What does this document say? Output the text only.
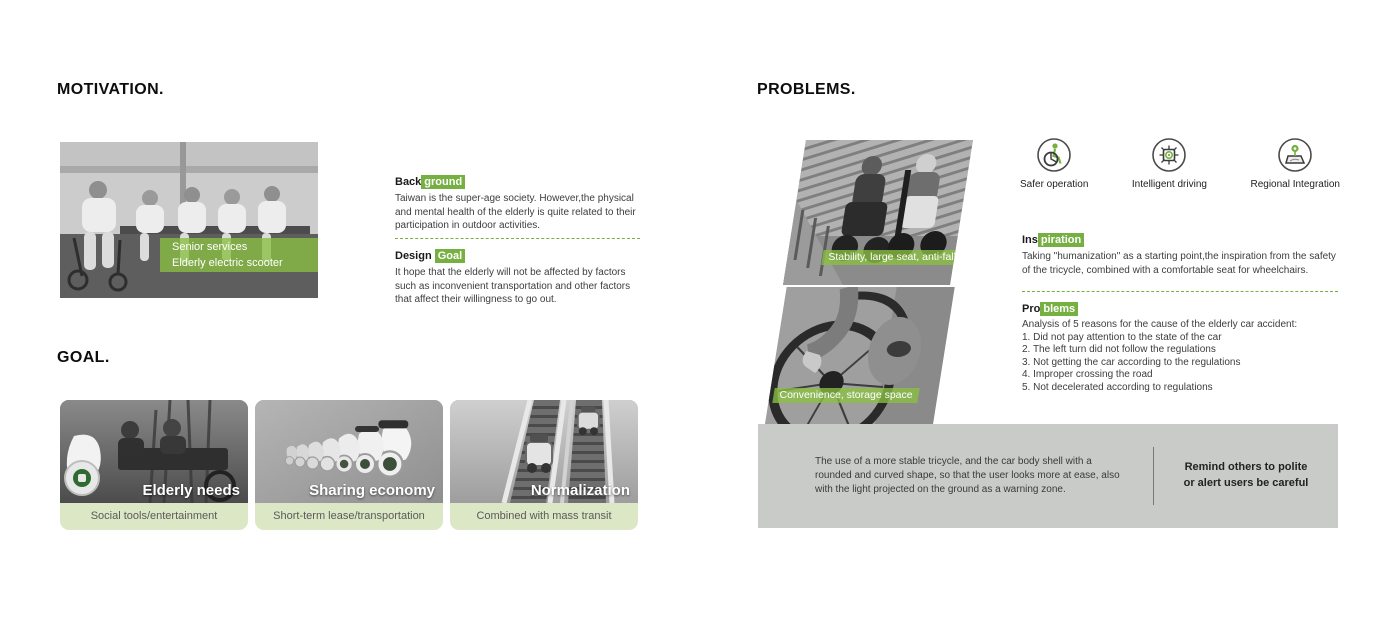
MOTIVATION.
Senior services
Elderly electric scooter
Back ground
Taiwan is the super-age society. However,the physical and mental health of the elderly is quite related to their participation in outdoor activities.
Design Goal
It hope that the elderly will not be affected by factors such as inconvenient transportation and other factors that affect their willingness to go out.
GOAL.
Elderly needs
Social tools/entertainment
Sharing economy
Short-term lease/transportation
Normalization
Combined with mass transit
PROBLEMS.
Stability, large seat, anti-fall
Convenience, storage space
Safer operation	Intelligent driving	Regional Integration
Ins piration
Taking "humanization" as a starting point,the inspiration from the safety of the tricycle, combined with a comfortable seat for wheelchairs.
Pro blems
Analysis of 5 reasons for the cause of the elderly car accident:
1. Did not pay attention to the state of the car
2. The left turn did not follow the regulations
3. Not getting the car according to the regulations
4. Improper crossing the road
5. Not decelerated according to regulations
The use of a more stable tricycle, and the car body shell with a rounded and curved shape, so that the user looks more at ease, also with the light projected on the ground as a warning zone.
Remind others to polite
or alert users be careful
